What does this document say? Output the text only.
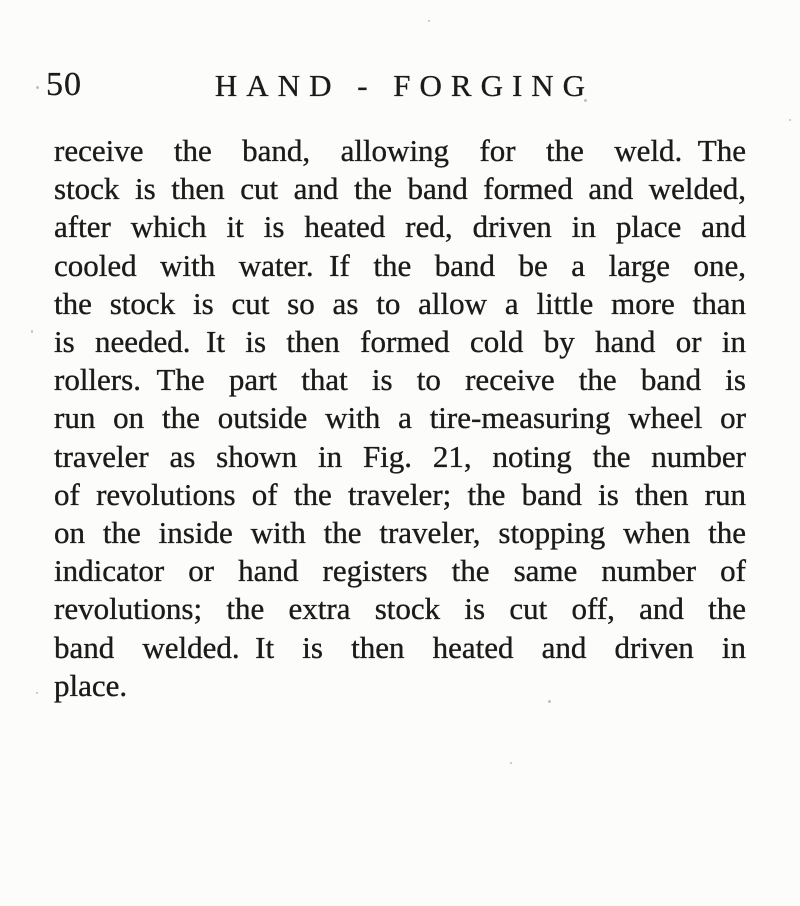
50	HAND - FORGING
receive the band, allowing for the weld. The
stock is then cut and the band formed and welded,
after which it is heated red, driven in place and
cooled with water. If the band be a large one,
the stock is cut so as to allow a little more than
is needed. It is then formed cold by hand or in
rollers. The part that is to receive the band is
run on the outside with a tire-measuring wheel or
traveler as shown in Fig. 21, noting the number
of revolutions of the traveler; the band is then run
on the inside with the traveler, stopping when the
indicator or hand registers the same number of
revolutions; the extra stock is cut off, and the
band welded. It is then heated and driven in
place.
